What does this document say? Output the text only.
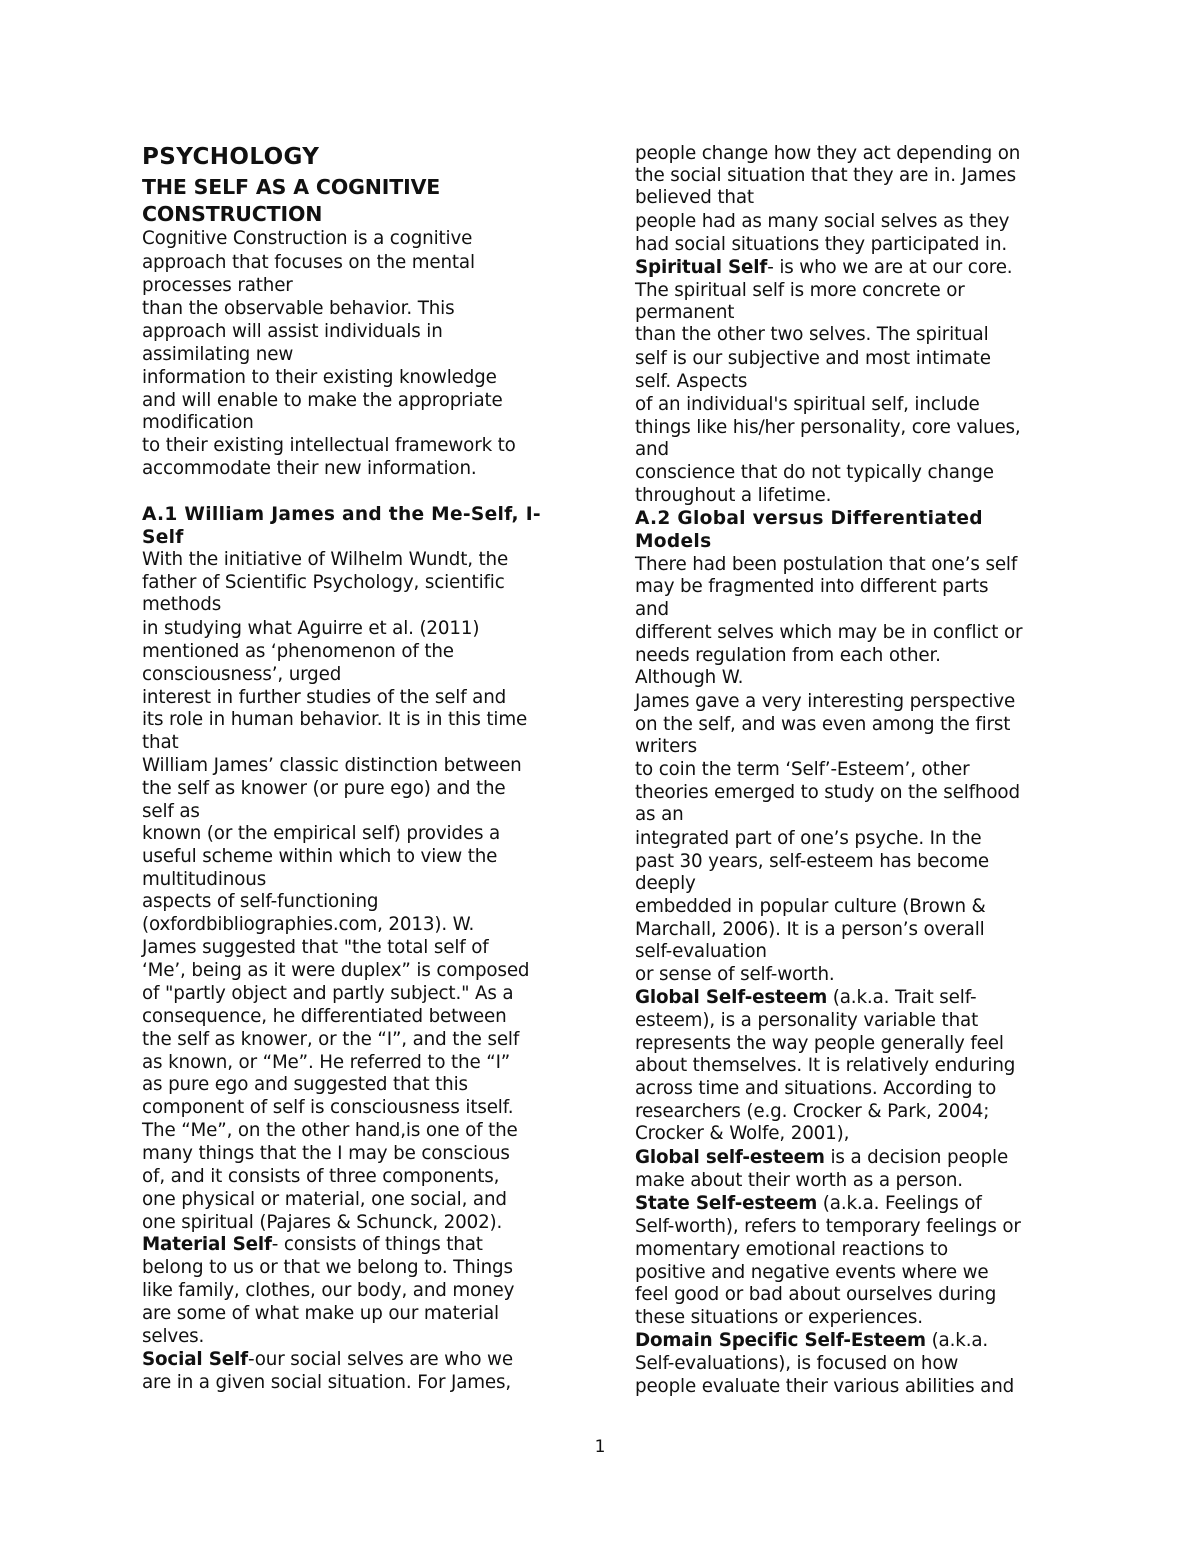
PSYCHOLOGY
THE SELF AS A COGNITIVE
CONSTRUCTION
Cognitive Construction is a cognitive
approach that focuses on the mental
processes rather
than the observable behavior. This
approach will assist individuals in
assimilating new
information to their existing knowledge
and will enable to make the appropriate
modification
to their existing intellectual framework to
accommodate their new information.
A.1 William James and the Me-Self, I-
Self
With the initiative of Wilhelm Wundt, the
father of Scientific Psychology, scientific
methods
in studying what Aguirre et al. (2011)
mentioned as ‘phenomenon of the
consciousness’, urged
interest in further studies of the self and
its role in human behavior. It is in this time
that
William James’ classic distinction between
the self as knower (or pure ego) and the
self as
known (or the empirical self) provides a
useful scheme within which to view the
multitudinous
aspects of self-functioning
(oxfordbibliographies.com, 2013). W.
James suggested that "the total self of
‘Me’, being as it were duplex” is composed
of "partly object and partly subject." As a
consequence, he differentiated between
the self as knower, or the “I”, and the self
as known, or “Me”. He referred to the “I”
as pure ego and suggested that this
component of self is consciousness itself.
The “Me”, on the other hand,is one of the
many things that the I may be conscious
of, and it consists of three components,
one physical or material, one social, and
one spiritual (Pajares & Schunck, 2002).
Material Self- consists of things that
belong to us or that we belong to. Things
like family, clothes, our body, and money
are some of what make up our material
selves.
Social Self-our social selves are who we
are in a given social situation. For James,
people change how they act depending on
the social situation that they are in. James
believed that
people had as many social selves as they
had social situations they participated in.
Spiritual Self- is who we are at our core.
The spiritual self is more concrete or
permanent
than the other two selves. The spiritual
self is our subjective and most intimate
self. Aspects
of an individual's spiritual self, include
things like his/her personality, core values,
and
conscience that do not typically change
throughout a lifetime.
A.2 Global versus Differentiated
Models
There had been postulation that one’s self
may be fragmented into different parts
and
different selves which may be in conflict or
needs regulation from each other.
Although W.
James gave a very interesting perspective
on the self, and was even among the first
writers
to coin the term ‘Self’-Esteem’, other
theories emerged to study on the selfhood
as an
integrated part of one’s psyche. In the
past 30 years, self-esteem has become
deeply
embedded in popular culture (Brown &
Marchall, 2006). It is a person’s overall
self-evaluation
or sense of self-worth.
Global Self-esteem (a.k.a. Trait self-
esteem), is a personality variable that
represents the way people generally feel
about themselves. It is relatively enduring
across time and situations. According to
researchers (e.g. Crocker & Park, 2004;
Crocker & Wolfe, 2001),
Global self-esteem is a decision people
make about their worth as a person.
State Self-esteem (a.k.a. Feelings of
Self-worth), refers to temporary feelings or
momentary emotional reactions to
positive and negative events where we
feel good or bad about ourselves during
these situations or experiences.
Domain Specific Self-Esteem (a.k.a.
Self-evaluations), is focused on how
people evaluate their various abilities and
1
